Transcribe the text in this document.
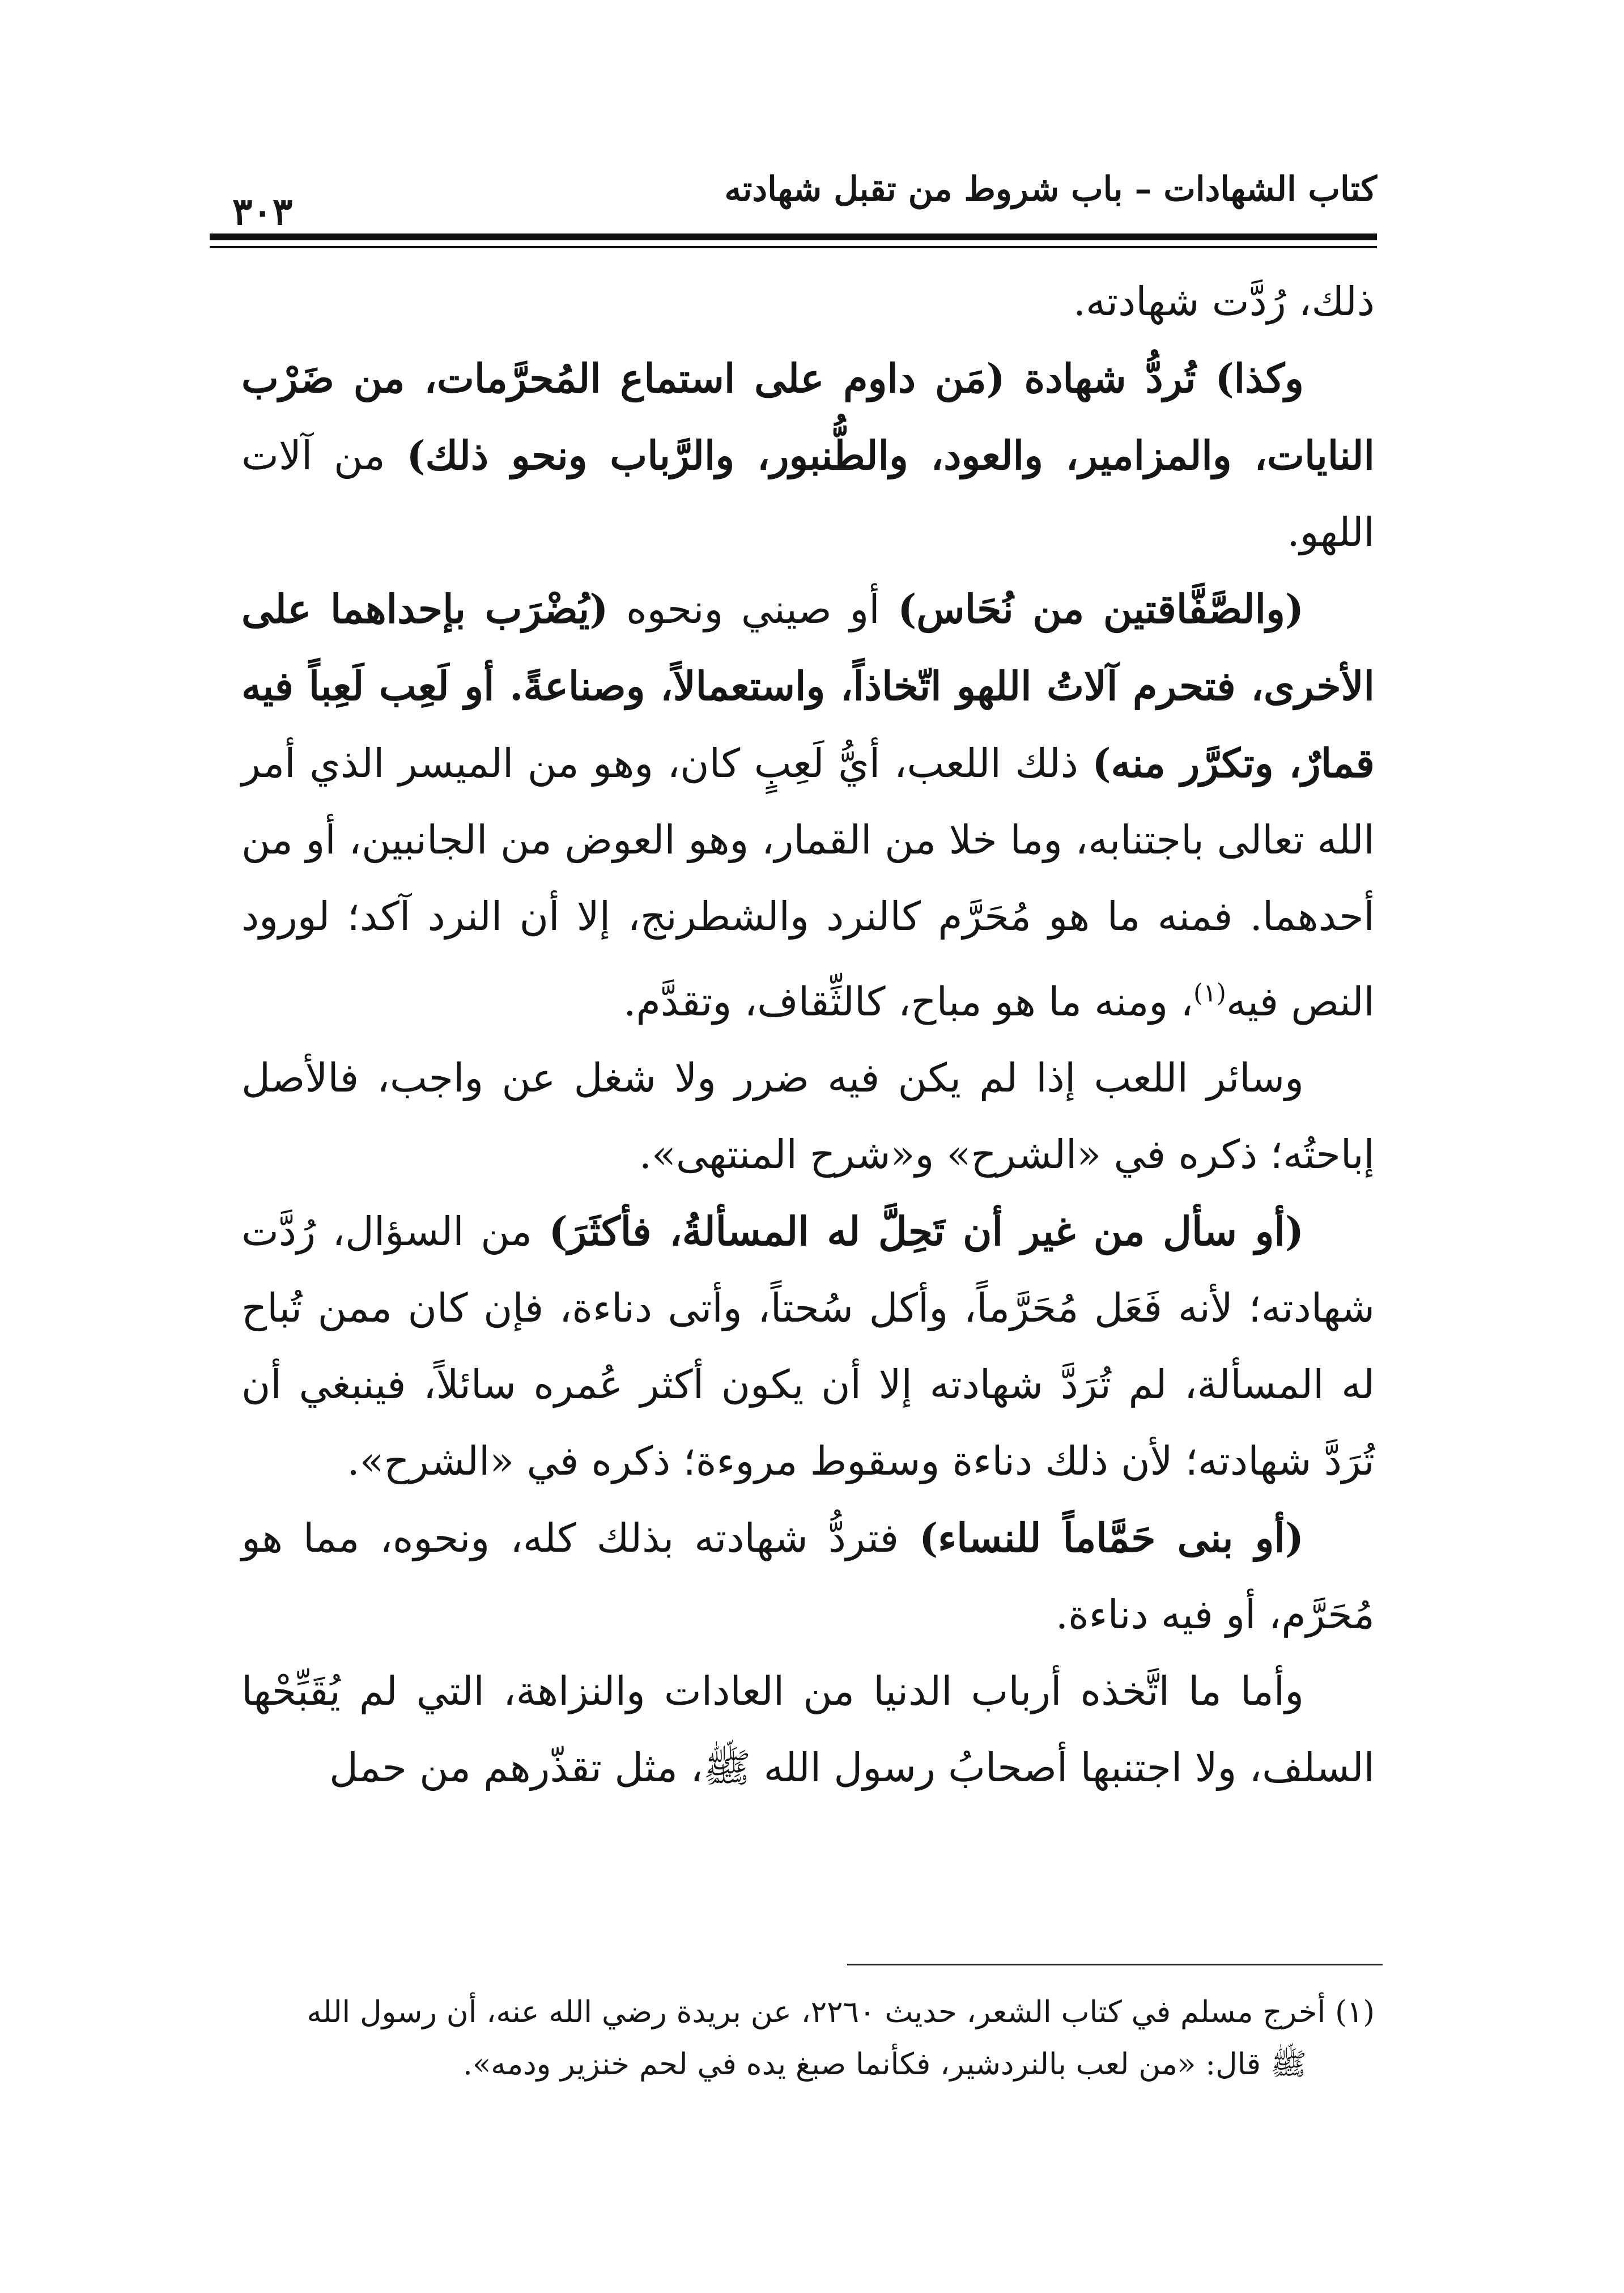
كتاب الشهادات – باب شروط من تقبل شهادته
٣٠٣

ذلك، رُدَّت شهادته.

وكذا) تُردُّ شهادة (مَن داوم على استماع المُحرَّمات، من ضَرْب النايات، والمزامير، والعود، والطُّنبور، والرَّباب ونحو ذلك) من آلات اللهو.

(والصَّفَّاقتين من نُحَاس) أو صيني ونحوه (يُضْرَب بإحداهما على الأخرى، فتحرم آلاتُ اللهو اتّخاذاً، واستعمالاً، وصناعةً. أو لَعِب لَعِباً فيه قمارٌ، وتكرَّر منه) ذلك اللعب، أيُّ لَعِبٍ كان، وهو من الميسر الذي أمر الله تعالى باجتنابه، وما خلا من القمار، وهو العوض من الجانبين، أو من أحدهما. فمنه ما هو مُحَرَّم كالنرد والشطرنج، إلا أن النرد آكد؛ لورود النص فيه$^{(١)}$، ومنه ما هو مباح، كالثِّقاف، وتقدَّم.

وسائر اللعب إذا لم يكن فيه ضرر ولا شغل عن واجب، فالأصل إباحتُه؛ ذكره في «الشرح» و«شرح المنتهى».

(أو سأل من غير أن تَحِلَّ له المسألةُ، فأكثَرَ) من السؤال، رُدَّت شهادته؛ لأنه فَعَل مُحَرَّماً، وأكل سُحتاً، وأتى دناءة، فإن كان ممن تُباح له المسألة، لم تُرَدَّ شهادته إلا أن يكون أكثر عُمره سائلاً، فينبغي أن تُرَدَّ شهادته؛ لأن ذلك دناءة وسقوط مروءة؛ ذكره في «الشرح».

(أو بنى حَمَّاماً للنساء) فتردُّ شهادته بذلك كله، ونحوه، مما هو مُحَرَّم، أو فيه دناءة.

وأما ما اتَّخذه أرباب الدنيا من العادات والنزاهة، التي لم يُقَبِّحْها السلف، ولا اجتنبها أصحابُ رسول الله ﷺ، مثل تقذّرهم من حمل

(١) أخرج مسلم في كتاب الشعر، حديث ٢٢٦٠، عن بريدة رضي الله عنه، أن رسول الله

ﷺ قال: «من لعب بالنردشير، فكأنما صبغ يده في لحم خنزير ودمه».
